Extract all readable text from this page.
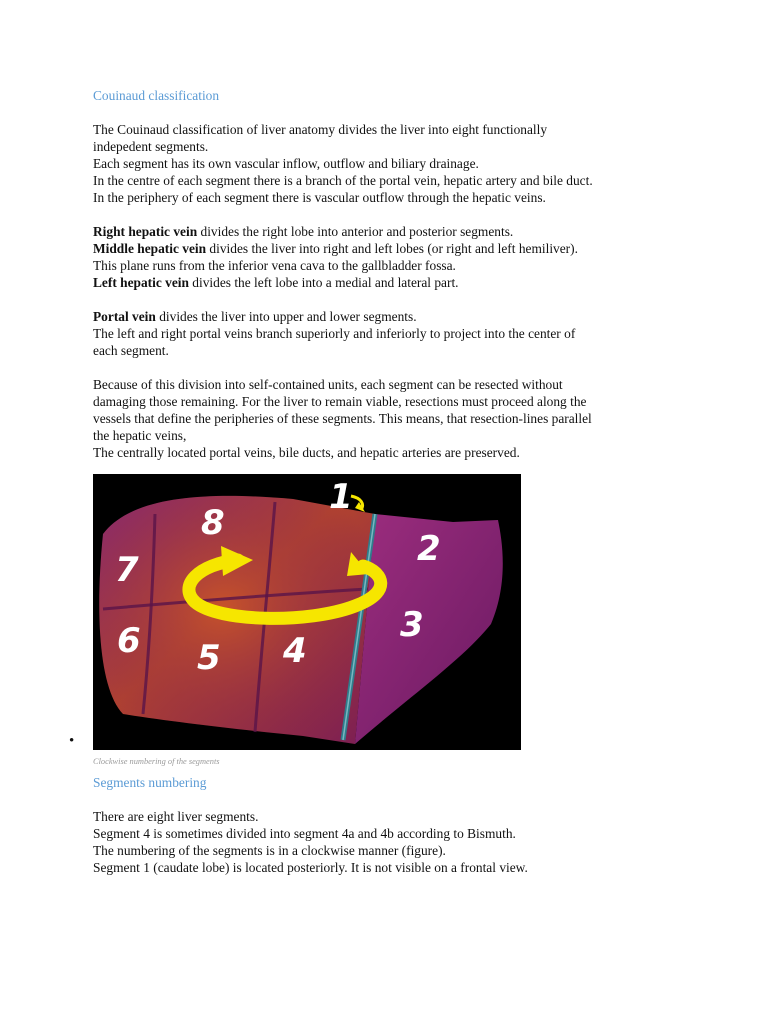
Couinaud classification

The Couinaud classification of liver anatomy divides the liver into eight functionally
indepedent segments.
Each segment has its own vascular inflow, outflow and biliary drainage.
In the centre of each segment there is a branch of the portal vein, hepatic artery and bile duct.
In the periphery of each segment there is vascular outflow through the hepatic veins.

Right hepatic vein divides the right lobe into anterior and posterior segments.
Middle hepatic vein divides the liver into right and left lobes (or right and left hemiliver).
This plane runs from the inferior vena cava to the gallbladder fossa.
Left hepatic vein divides the left lobe into a medial and lateral part.

Portal vein divides the liver into upper and lower segments.
The left and right portal veins branch superiorly and inferiorly to project into the center of
each segment.

Because of this division into self-contained units, each segment can be resected without
damaging those remaining. For the liver to remain viable, resections must proceed along the
vessels that define the peripheries of these segments. This means, that resection-lines parallel
the hepatic veins,
The centrally located portal veins, bile ducts, and hepatic arteries are preserved.

•
1
2
3
4
5
6
7
8
Clockwise numbering of the segments
Segments numbering

There are eight liver segments.
Segment 4 is sometimes divided into segment 4a and 4b according to Bismuth.
The numbering of the segments is in a clockwise manner (figure).
Segment 1 (caudate lobe) is located posteriorly. It is not visible on a frontal view.
